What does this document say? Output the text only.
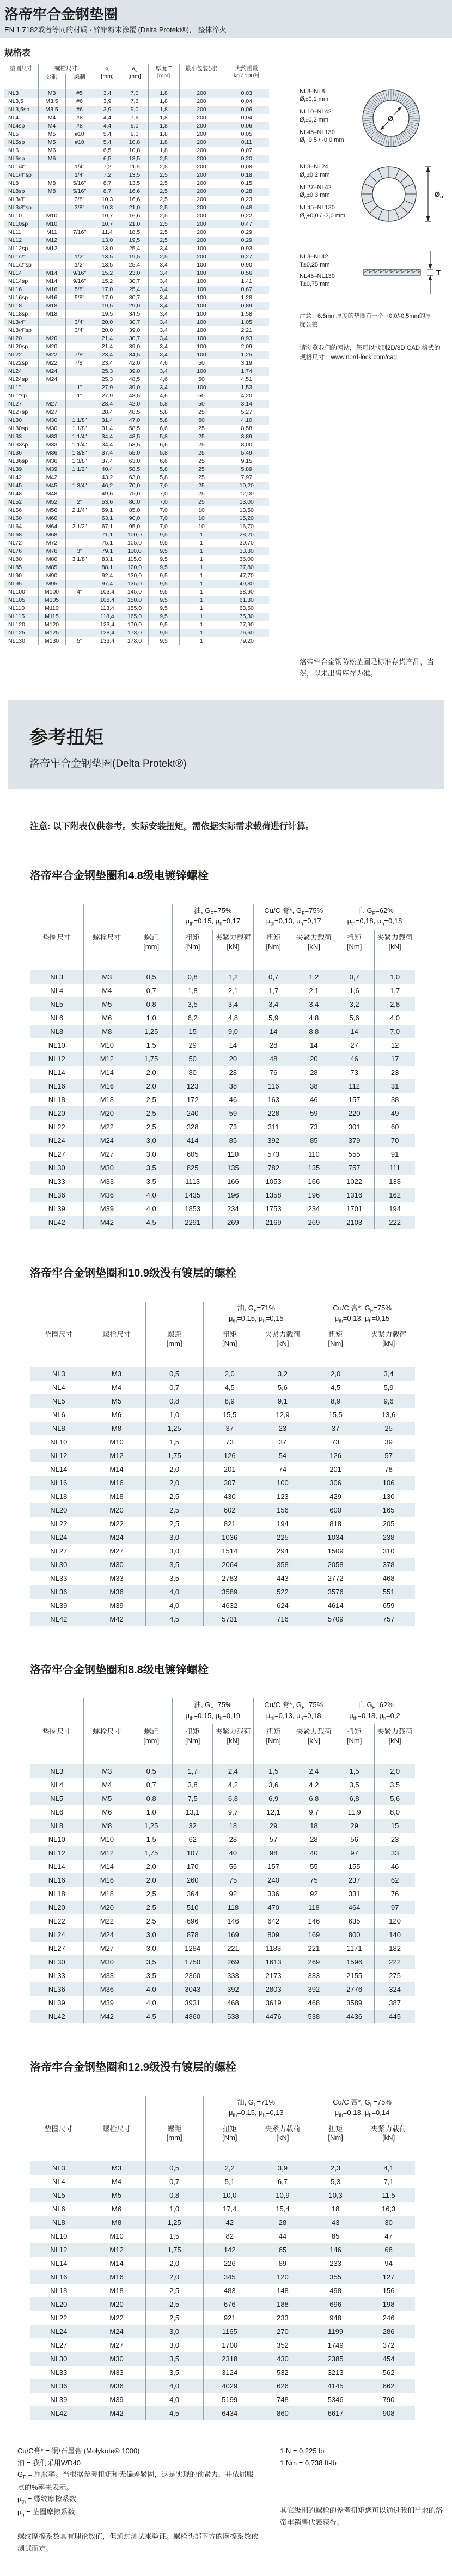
洛帝牢合金钢垫圈

EN 1.7182或者等同的材质 · 锌铝粉末涂覆 (Delta Protekt®)， 整体淬火

规格表
垫圈尺寸	螺栓尺寸		$ø_i$
[mm]	$ø_o$
[mm]	厚度 T
[mm]	最小包装(对)	大约重量
kg / 100对

	公制	美制					
NL3	M3	#5	3,4	7,0	1,8	200	0,03
NL3,5	M3,5	#6	3,9	7,6	1,8	200	0,04
NL3,5sp	M3,5	#6	3,9	9,0	1,8	200	0,06
NL4	M4	#8	4,4	7,6	1,8	200	0,04
NL4sp	M4	#8	4,4	9,0	1,8	200	0,06
NL5	M5	#10	5,4	9,0	1,8	200	0,05
NL5sp	M5	#10	5,4	10,8	1,8	200	0,11
NL6	M6		6,5	10,8	1,8	200	0,07
NL6sp	M6		6,5	13,5	2,5	200	0,20
NL1/4"		1/4"	7,2	11,5	2,5	200	0,08
NL1/4"sp		1/4"	7,2	13,5	2,5	200	0,18
NL8	M8	5/16"	8,7	13,5	2,5	200	0,15
NL8sp	M8	5/16"	8,7	16,6	2,5	200	0,28
NL3/8"		3/8"	10,3	16,6	2,5	200	0,23
NL3/8"sp		3/8"	10,3	21,0	2,5	200	0,48
NL10	M10		10,7	16,6	2,5	200	0,22
NL10sp	M10		10,7	21,0	2,5	200	0,47
NL11	M11	7/16"	11,4	18,5	2,5	200	0,29
NL12	M12		13,0	19,5	2,5	200	0,29
NL12sp	M12		13,0	25,4	3,4	100	0,93
NL1/2"		1/2"	13,5	19,5	2,5	200	0,27
NL1/2"sp		1/2"	13,5	25,4	3,4	100	0,90
NL14	M14	9/16"	15,2	23,0	3,4	100	0,56
NL14sp	M14	9/16"	15,2	30,7	3,4	100	1,41
NL16	M16	5/8"	17,0	25,4	3,4	100	0,67
NL16sp	M16	5/8"	17,0	30,7	3,4	100	1,28
NL18	M18		19,5	29,0	3,4	100	0,89
NL18sp	M18		19,5	34,5	3,4	100	1,58
NL3/4"		3/4"	20,0	30,7	3,4	100	1,05
NL3/4"sp		3/4"	20,0	39,0	3,4	100	2,21
NL20	M20		21,4	30,7	3,4	100	0,93
NL20sp	M20		21,4	39,0	3,4	100	2,09
NL22	M22	7/8"	23,4	34,5	3,4	100	1,25
NL22sp	M22	7/8"	23,4	42,0	4,6	50	3,19
NL24	M24		25,3	39,0	3,4	100	1,74
NL24sp	M24		25,3	48,5	4,6	50	4,51
NL1"		1"	27,9	39,0	3,4	100	1,53
NL1"sp		1"	27,9	48,5	4,6	50	4,20
NL27	M27		28,4	42,0	5,8	50	3,14
NL27sp	M27		28,4	48,5	5,8	25	5,27
NL30	M30	1 1/8"	31,4	47,0	5,8	50	4,10
NL30sp	M30	1 1/8"	31,4	58,5	6,6	25	8,58
NL33	M33	1 1/4"	34,4	48,5	5,8	25	3,89
NL33sp	M33	1 1/4"	34,4	58,5	6,6	25	8,00
NL36	M36	1 3/8"	37,4	55,0	5,8	25	5,49
NL36sp	M36	1 3/8"	37,4	63,0	6,6	25	9,15
NL39	M39	1 1/2"	40,4	58,5	5,8	25	5,89
NL42	M42		43,2	63,0	5,8	25	7,97
NL45	M45	1 3/4"	46,2	70,0	7,0	25	10,20
NL48	M48		49,6	75,0	7,0	25	12,00
NL52	M52	2"	53,6	80,0	7,0	25	13,00
NL56	M56	2 1/4"	59,1	85,0	7,0	10	13,50
NL60	M60		63,1	90,0	7,0	10	15,20
NL64	M64	2 1/2"	67,1	95,0	7,0	10	16,70
NL68	M68		71,1	100,0	9,5	1	28,20
NL72	M72		75,1	105,0	9,5	1	30,70
NL76	M76	3"	79,1	110,0	9,5	1	33,30
NL80	M80	3 1/8"	83,1	115,0	9,5	1	36,00
NL85	M85		88,1	120,0	9,5	1	37,80
NL90	M90		92,4	130,0	9,5	1	47,70
NL95	M95		97,4	135,0	9,5	1	49,80
NL100	M100	4"	103,4	145,0	9,5	1	58,90
NL105	M105		108,4	150,0	9,5	1	61,30
NL110	M110		113,4	155,0	9,5	1	63,50
NL115	M115		118,4	165,0	9,5	1	75,30
NL120	M120		123,4	170,0	9,5	1	77,90
NL125	M125		128,4	173,0	9,5	1	76,60
NL130	M130	5"	133,4	178,0	9,5	1	79,20
NL3–NL8
$Ø_i\pm 0,1$ mm
NL10–NL42
$Ø_i\pm 0,2$ mm
NL45–NL130
$Ø_i+0,5 / -0,0$ mm
$Ø_i$
NL3–NL24
$Ø_o\pm 0,2$ mm
NL27–NL42
$Ø_o\pm 0,3$ mm
NL45–NL130
$Ø_o+0,0 / -2,0$ mm
$Ø_o$
NL3–NL42
T±0,25 mm
NL45–NL130
T±0,75 mm
T

注意：6.6mm厚度的垫圈有一个 +0,0/-0.5mm的厚度公差

请浏览我们的网站，您可以找到2D/3D CAD 格式的规格尺寸：www.nord-lock.com/cad

洛帝牢合金钢防松垫圈是标准存货产品，当然，以未出售库存为准。

参考扭矩

洛帝牢合金钢垫圈(Delta Protekt®)

注意: 以下附表仅供参考。实际安装扭矩，需依据实际需求载荷进行计算。

洛帝牢合金钢垫圈和4.8级电镀锌螺栓
			油, $G_F=75\%$
$\mu_{th}=0,15$, $\mu_h=0,17$		Cu/C 膏*, $G_F=75\%$
$\mu_{th}=0,13$, $\mu_h=0,17$		干, $G_F=62\%$
$\mu_{th}=0,18$, $\mu_h=0,18$	
垫圈尺寸	螺栓尺寸	螺距
[mm]	扭矩
[Nm]	夹紧力载荷
[kN]	扭矩
[Nm]	夹紧力载荷
[kN]	扭矩
[Nm]	夹紧力载荷
[kN]
NL3	M3	0,5	0,8	1,2	0,7	1,2	0,7	1,0
NL4	M4	0,7	1,8	2,1	1,7	2,1	1,6	1,7
NL5	M5	0,8	3,5	3,4	3,4	3,4	3,2	2,8
NL6	M6	1,0	6,2	4,8	5,9	4,8	5,6	4,0
NL8	M8	1,25	15	9,0	14	8,8	14	7,0
NL10	M10	1,5	29	14	28	14	27	12
NL12	M12	1,75	50	20	48	20	46	17
NL14	M14	2,0	80	28	76	28	73	23
NL16	M16	2,0	123	38	116	38	112	31
NL18	M18	2,5	172	46	163	46	157	38
NL20	M20	2,5	240	59	228	59	220	49
NL22	M22	2,5	328	73	311	73	301	60
NL24	M24	3,0	414	85	392	85	379	70
NL27	M27	3,0	605	110	573	110	555	91
NL30	M30	3,5	825	135	782	135	757	111
NL33	M33	3,5	1113	166	1053	166	1022	138
NL36	M36	4,0	1435	196	1358	196	1316	162
NL39	M39	4,0	1853	234	1753	234	1701	194
NL42	M42	4,5	2291	269	2169	269	2103	222
洛帝牢合金钢垫圈和10.9级没有镀层的螺栓
			油, $G_F=71\%$
$\mu_{th}=0,15$, $\mu_h=0,15$		Cu/C 膏*, $G_F=75\%$
$\mu_{th}=0,13$, $\mu_h=0,15$	
垫圈尺寸	螺栓尺寸	螺距
[mm]	扭矩
[Nm]	夹紧力载荷
[kN]	扭矩
[Nm]	夹紧力载荷
[kN]
NL3	M3	0,5	2,0	3,2	2,0	3,4
NL4	M4	0,7	4,5	5,6	4,5	5,9
NL5	M5	0,8	8,9	9,1	8,9	9,6
NL6	M6	1,0	15,5	12,9	15,5	13,6
NL8	M8	1,25	37	23	37	25
NL10	M10	1,5	73	37	73	39
NL12	M12	1,75	126	54	126	57
NL14	M14	2,0	201	74	201	78
NL16	M16	2,0	307	100	306	106
NL18	M18	2,5	430	123	429	130
NL20	M20	2,5	602	156	600	165
NL22	M22	2,5	821	194	818	205
NL24	M24	3,0	1036	225	1034	238
NL27	M27	3,0	1514	294	1509	310
NL30	M30	3,5	2064	358	2058	378
NL33	M33	3,5	2783	443	2772	468
NL36	M36	4,0	3589	522	3576	551
NL39	M39	4,0	4632	624	4614	659
NL42	M42	4,5	5731	716	5709	757
洛帝牢合金钢垫圈和8.8级电镀锌螺栓
			油, $G_F=75\%$
$\mu_{th}=0,15$, $\mu_h=0,19$		Cu/C 膏*, $G_F=75\%$
$\mu_{th}=0,13$, $\mu_h=0,18$		干, $G_F=62\%$
$\mu_{th}=0,18$, $\mu_h=0,2$	
垫圈尺寸	螺栓尺寸	螺距
[mm]	扭矩
[Nm]	夹紧力载荷
[kN]	扭矩
[Nm]	夹紧力载荷
[kN]	扭矩
[Nm]	夹紧力载荷
[kN]
NL3	M3	0,5	1,7	2,4	1,5	2,4	1,5	2,0
NL4	M4	0,7	3,8	4,2	3,6	4,2	3,5	3,5
NL5	M5	0,8	7,5	6,8	6,9	6,8	6,8	5,6
NL6	M6	1,0	13,1	9,7	12,1	9,7	11,9	8,0
NL8	M8	1,25	32	18	29	18	29	15
NL10	M10	1,5	62	28	57	28	56	23
NL12	M12	1,75	107	40	98	40	97	33
NL14	M14	2,0	170	55	157	55	155	46
NL16	M16	2,0	260	75	240	75	237	62
NL18	M18	2,5	364	92	336	92	331	76
NL20	M20	2,5	510	118	470	118	464	97
NL22	M22	2,5	696	146	642	146	635	120
NL24	M24	3,0	878	169	809	169	800	140
NL27	M27	3,0	1284	221	1183	221	1171	182
NL30	M30	3,5	1750	269	1613	269	1596	222
NL33	M33	3,5	2360	333	2173	333	2155	275
NL36	M36	4,0	3043	392	2803	392	2776	324
NL39	M39	4,0	3931	468	3619	468	3589	387
NL42	M42	4,5	4860	538	4476	538	4436	445
洛帝牢合金钢垫圈和12.9级没有镀层的螺栓
			油, $G_F=71\%$
$\mu_{th}=0,15$, $\mu_h=0,13$		Cu/C 膏*, $G_F=75\%$
$\mu_{th}=0,13$, $\mu_h=0,14$	
垫圈尺寸	螺栓尺寸	螺距
[mm]	扭矩
[Nm]	夹紧力载荷
[kN]	扭矩
[Nm]	夹紧力载荷
[kN]
NL3	M3	0,5	2,2	3,9	2,3	4,1
NL4	M4	0,7	5,1	6,7	5,3	7,1
NL5	M5	0,8	10,0	10,9	10,3	11,5
NL6	M6	1,0	17,4	15,4	18	16,3
NL8	M8	1,25	42	28	43	30
NL10	M10	1,5	82	44	85	47
NL12	M12	1,75	142	65	146	68
NL14	M14	2,0	226	89	233	94
NL16	M16	2,0	345	120	355	127
NL18	M18	2,5	483	148	498	156
NL20	M20	2,5	676	188	696	198
NL22	M22	2,5	921	233	948	246
NL24	M24	3,0	1165	270	1199	286
NL27	M27	3,0	1700	352	1749	372
NL30	M30	3,5	2318	430	2385	454
NL33	M33	3,5	3124	532	3213	562
NL36	M36	4,0	4029	626	4145	662
NL39	M39	4,0	5199	748	5346	790
NL42	M42	4,5	6434	860	6617	908
Cu/C膏* = 铜/石墨膏 (Molykote® 1000)
油 = 我们采用WD40
$G_F$ = 屈服率。当根据参考扭矩和无偏差紧固，这是实现的预紧力，并依屈服点的%率来表示。
$\mu_{th}$ = 螺纹摩擦系数
$\mu_h$ = 垫圈摩擦系数

螺纹摩擦系数具有理论数值，但通过测试来验证。螺栓头部下方的摩擦系数依测试而定。

1 N = 0,225 lb
1 Nm = 0,738 ft-lb

其它级别的螺栓的参考扭矩您可以通过我们当地的洛帝牢销售代表获得。
